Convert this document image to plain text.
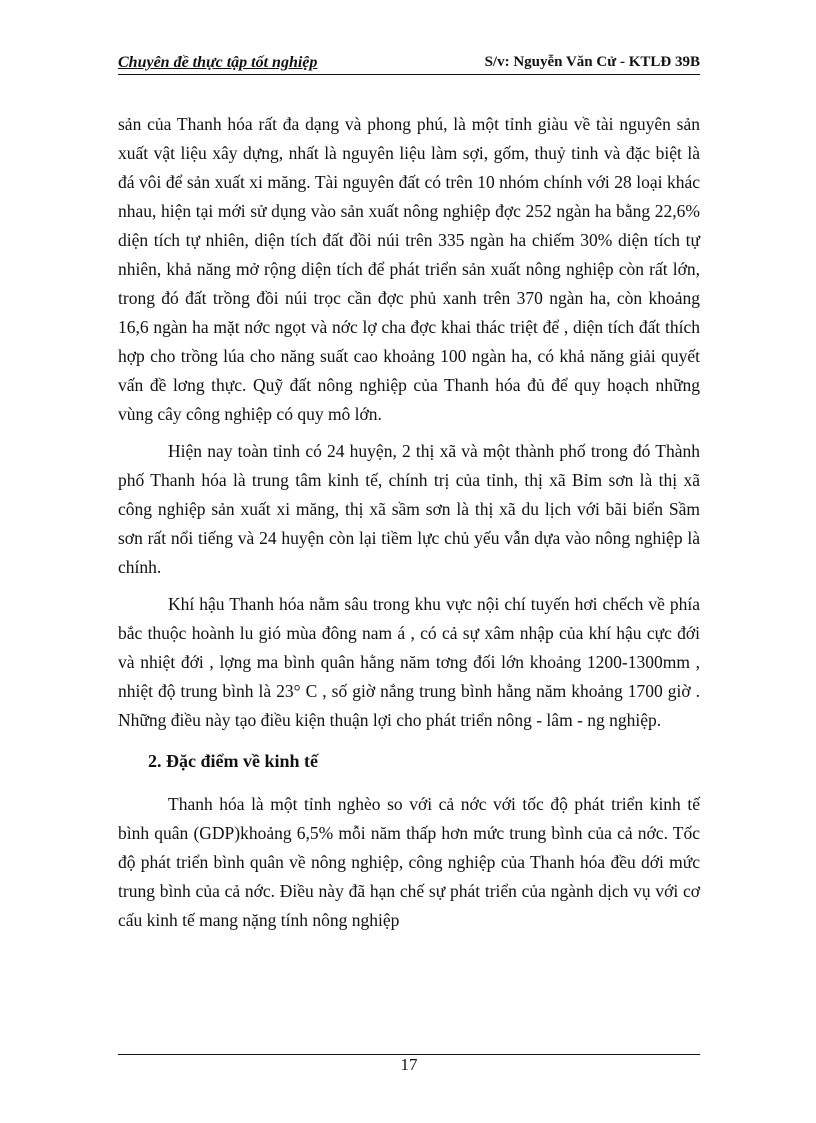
Chuyên đề thực tập tốt nghiệp	S/v: Nguyễn Văn Cử - KTLĐ 39B

sản của Thanh hóa rất đa dạng và phong phú, là một tỉnh giàu về tài nguyên sản xuất vật liệu xây dựng, nhất là nguyên liệu làm sợi, gốm, thuỷ tinh và đặc biệt là đá vôi để sản xuất xi măng. Tài nguyên đất có trên 10 nhóm chính với 28 loại khác nhau, hiện tại mới sử dụng vào sản xuất nông nghiệp đợc 252 ngàn ha bằng 22,6% diện tích tự nhiên, diện tích đất đồi núi trên 335 ngàn ha chiếm 30% diện tích tự nhiên, khả năng mở rộng diện tích để phát triển sản xuất nông nghiệp còn rất lớn, trong đó đất trồng đồi núi trọc cần đợc phủ xanh trên 370 ngàn ha, còn khoảng 16,6 ngàn ha mặt nớc ngọt và nớc lợ cha đợc khai thác triệt để , diện tích đất thích hợp cho trồng lúa cho năng suất cao khoảng 100 ngàn ha, có khả năng giải quyết vấn đề lơng thực. Quỹ đất nông nghiệp của Thanh hóa đủ để quy hoạch những vùng cây công nghiệp có quy mô lớn.

Hiện nay toàn tỉnh có 24 huyện, 2 thị xã và một thành phố trong đó Thành phố Thanh hóa là trung tâm kinh tế, chính trị của tỉnh, thị xã Bỉm sơn là thị xã công nghiệp sản xuất xi măng, thị xã sầm sơn là thị xã du lịch với bãi biển Sầm sơn rất nổi tiếng và 24 huyện còn lại tiềm lực chủ yếu vẫn dựa vào nông nghiệp là chính.

Khí hậu Thanh hóa nằm sâu trong khu vực nội chí tuyến hơi chếch về phía bắc thuộc hoành lu gió mùa đông nam á , có cả sự xâm nhập của khí hậu cực đới và nhiệt đới , lợng ma bình quân hằng năm tơng đối lớn khoảng 1200-1300mm , nhiệt độ trung bình là 23° C , số giờ nắng trung bình hằng năm khoảng 1700 giờ . Những điều này tạo điều kiện thuận lợi cho phát triển nông - lâm - ng nghiệp.

2. Đặc điểm về kinh tế

Thanh hóa là một tỉnh nghèo so với cả nớc với tốc độ phát triển kinh tế bình quân (GDP)khoảng 6,5% mỗi năm thấp hơn mức trung bình của cả nớc. Tốc độ phát triển bình quân về nông nghiệp, công nghiệp của Thanh hóa đều dới mức trung bình của cả nớc. Điều này đã hạn chế sự phát triển của ngành dịch vụ với cơ cấu kinh tế mang nặng tính nông nghiệp

17
